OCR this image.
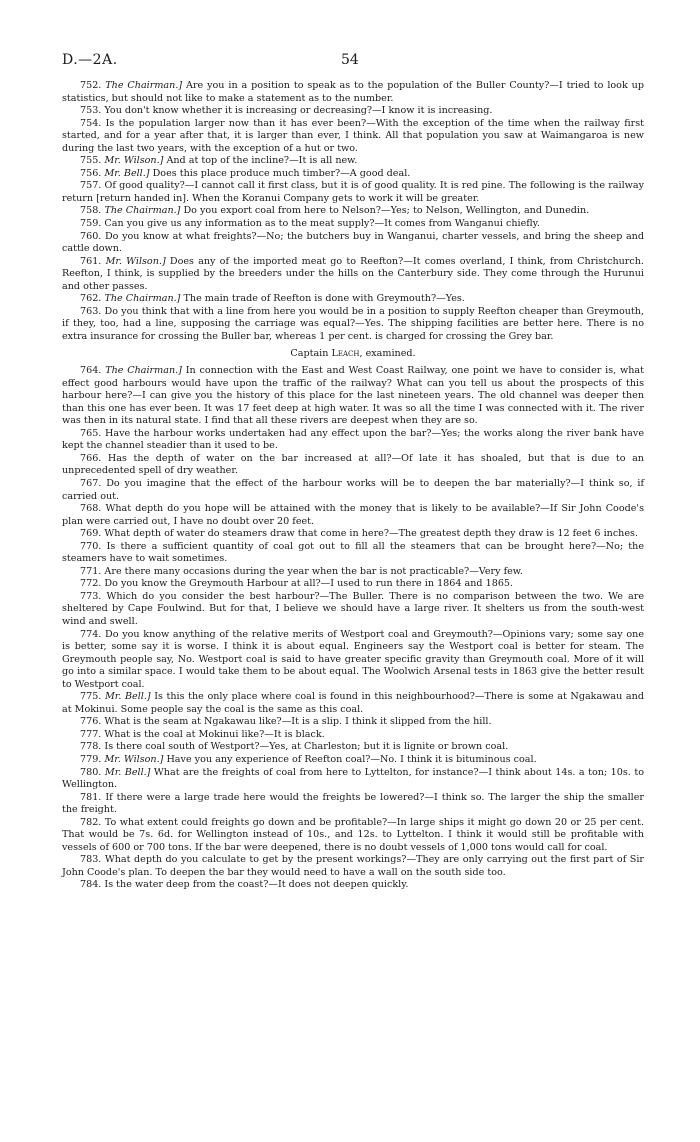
D.—2A.	54

752. The Chairman.] Are you in a position to speak as to the population of the Buller County?—I tried to look up statistics, but should not like to make a statement as to the number.

753. You don't know whether it is increasing or decreasing?—I know it is increasing.

754. Is the population larger now than it has ever been?—With the exception of the time when the railway first started, and for a year after that, it is larger than ever, I think. All that population you saw at Waimangaroa is new during the last two years, with the exception of a hut or two.

755. Mr. Wilson.] And at top of the incline?—It is all new.

756. Mr. Bell.] Does this place produce much timber?—A good deal.

757. Of good quality?—I cannot call it first class, but it is of good quality. It is red pine. The following is the railway return [return handed in]. When the Koranui Company gets to work it will be greater.

758. The Chairman.] Do you export coal from here to Nelson?—Yes; to Nelson, Wellington, and Dunedin.

759. Can you give us any information as to the meat supply?—It comes from Wanganui chiefly.

760. Do you know at what freights?—No; the butchers buy in Wanganui, charter vessels, and bring the sheep and cattle down.

761. Mr. Wilson.] Does any of the imported meat go to Reefton?—It comes overland, I think, from Christchurch. Reefton, I think, is supplied by the breeders under the hills on the Canterbury side. They come through the Hurunui and other passes.

762. The Chairman.] The main trade of Reefton is done with Greymouth?—Yes.

763. Do you think that with a line from here you would be in a position to supply Reefton cheaper than Greymouth, if they, too, had a line, supposing the carriage was equal?—Yes. The shipping facilities are better here. There is no extra insurance for crossing the Buller bar, whereas 1 per cent. is charged for crossing the Grey bar.

Captain Leach, examined.

764. The Chairman.] In connection with the East and West Coast Railway, one point we have to consider is, what effect good harbours would have upon the traffic of the railway? What can you tell us about the prospects of this harbour here?—I can give you the history of this place for the last nineteen years. The old channel was deeper then than this one has ever been. It was 17 feet deep at high water. It was so all the time I was connected with it. The river was then in its natural state. I find that all these rivers are deepest when they are so.

765. Have the harbour works undertaken had any effect upon the bar?—Yes; the works along the river bank have kept the channel steadier than it used to be.

766. Has the depth of water on the bar increased at all?—Of late it has shoaled, but that is due to an unprecedented spell of dry weather.

767. Do you imagine that the effect of the harbour works will be to deepen the bar materially?—I think so, if carried out.

768. What depth do you hope will be attained with the money that is likely to be available?—If Sir John Coode's plan were carried out, I have no doubt over 20 feet.

769. What depth of water do steamers draw that come in here?—The greatest depth they draw is 12 feet 6 inches.

770. Is there a sufficient quantity of coal got out to fill all the steamers that can be brought here?—No; the steamers have to wait sometimes.

771. Are there many occasions during the year when the bar is not practicable?—Very few.

772. Do you know the Greymouth Harbour at all?—I used to run there in 1864 and 1865.

773. Which do you consider the best harbour?—The Buller. There is no comparison between the two. We are sheltered by Cape Foulwind. But for that, I believe we should have a large river. It shelters us from the south-west wind and swell.

774. Do you know anything of the relative merits of Westport coal and Greymouth?—Opinions vary; some say one is better, some say it is worse. I think it is about equal. Engineers say the Westport coal is better for steam. The Greymouth people say, No. Westport coal is said to have greater specific gravity than Greymouth coal. More of it will go into a similar space. I would take them to be about equal. The Woolwich Arsenal tests in 1863 give the better result to Westport coal.

775. Mr. Bell.] Is this the only place where coal is found in this neighbourhood?—There is some at Ngakawau and at Mokinui. Some people say the coal is the same as this coal.

776. What is the seam at Ngakawau like?—It is a slip. I think it slipped from the hill.

777. What is the coal at Mokinui like?—It is black.

778. Is there coal south of Westport?—Yes, at Charleston; but it is lignite or brown coal.

779. Mr. Wilson.] Have you any experience of Reefton coal?—No. I think it is bituminous coal.

780. Mr. Bell.] What are the freights of coal from here to Lyttelton, for instance?—I think about 14s. a ton; 10s. to Wellington.

781. If there were a large trade here would the freights be lowered?—I think so. The larger the ship the smaller the freight.

782. To what extent could freights go down and be profitable?—In large ships it might go down 20 or 25 per cent. That would be 7s. 6d. for Wellington instead of 10s., and 12s. to Lyttelton. I think it would still be profitable with vessels of 600 or 700 tons. If the bar were deepened, there is no doubt vessels of 1,000 tons would call for coal.

783. What depth do you calculate to get by the present workings?—They are only carrying out the first part of Sir John Coode's plan. To deepen the bar they would need to have a wall on the south side too.

784. Is the water deep from the coast?—It does not deepen quickly.
